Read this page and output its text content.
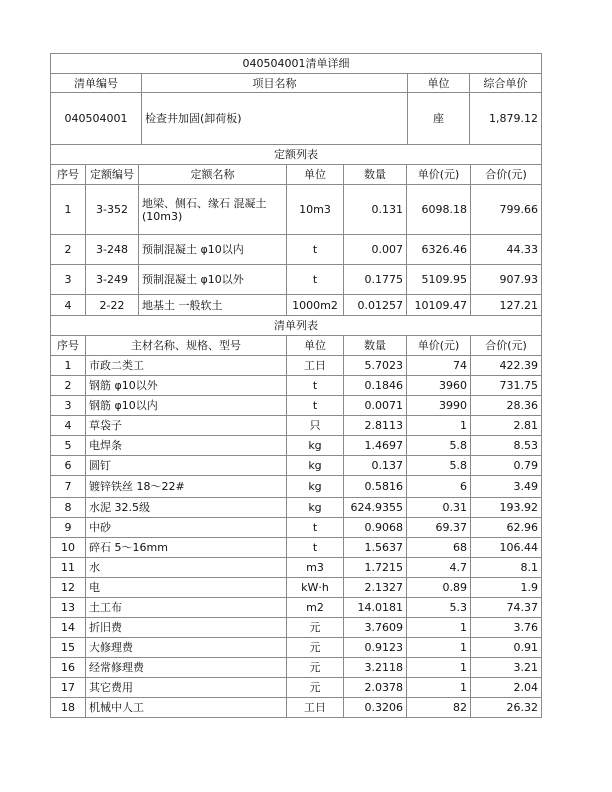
040504001清单详细			
清单编号	项目名称	单位	综合单价
040504001	检查井加固(卸荷板)	座	1,879.12
定额列表						
序号	定额编号	定额名称	单位	数量	单价(元)	合价(元)
1	3-352	地梁、侧石、缘石 混凝土(10m3)	10m3	0.131	6098.18	799.66
2	3-248	预制混凝土 φ10以内	t	0.007	6326.46	44.33
3	3-249	预制混凝土 φ10以外	t	0.1775	5109.95	907.93
4	2-22	地基土 一般软土	1000m2	0.01257	10109.47	127.21
清单列表						
序号	主材名称、规格、型号		单位	数量	单价(元)	合价(元)
1	市政二类工		工日	5.7023	74	422.39
2	钢筋 φ10以外		t	0.1846	3960	731.75
3	钢筋 φ10以内		t	0.0071	3990	28.36
4	草袋子		只	2.8113	1	2.81
5	电焊条		kg	1.4697	5.8	8.53
6	圆钉		kg	0.137	5.8	0.79
7	镀锌铁丝 18～22#		kg	0.5816	6	3.49
8	水泥 32.5级		kg	624.9355	0.31	193.92
9	中砂		t	0.9068	69.37	62.96
10	碎石 5～16mm		t	1.5637	68	106.44
11	水		m3	1.7215	4.7	8.1
12	电		kW·h	2.1327	0.89	1.9
13	土工布		m2	14.0181	5.3	74.37
14	折旧费		元	3.7609	1	3.76
15	大修理费		元	0.9123	1	0.91
16	经常修理费		元	3.2118	1	3.21
17	其它费用		元	2.0378	1	2.04
18	机械中人工		工日	0.3206	82	26.32
